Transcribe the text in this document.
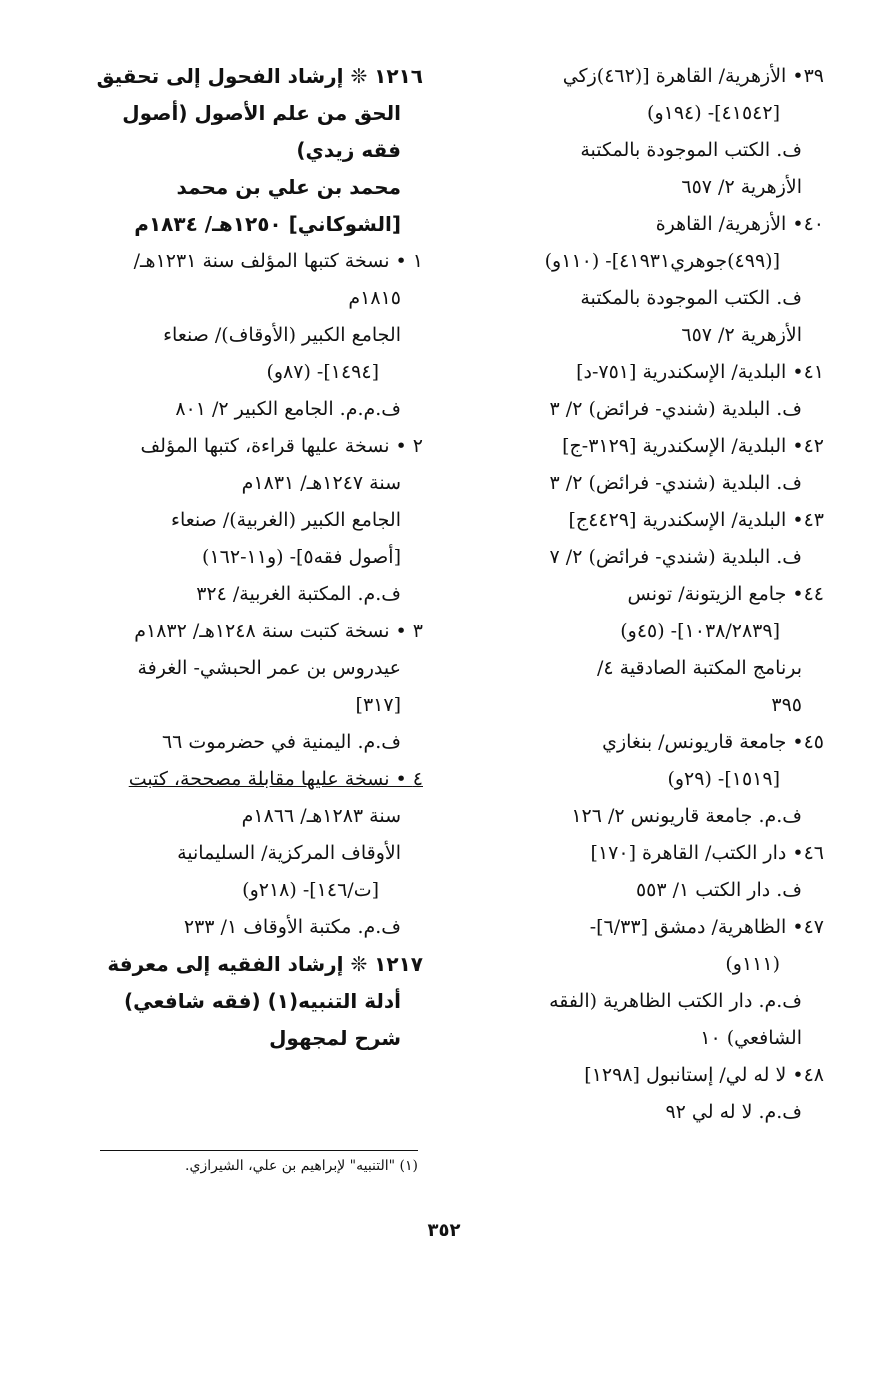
٣٩• الأزهرية/ القاهرة [(٤٦٢)زكي
[٤١٥٤٢]- (١٩٤و)
ف. الكتب الموجودة بالمكتبة
الأزهرية ٢/ ٦٥٧
٤٠• الأزهرية/ القاهرة
[(٤٩٩)جوهري٤١٩٣١]- (١١٠و)
ف. الكتب الموجودة بالمكتبة
الأزهرية ٢/ ٦٥٧
٤١• البلدية/ الإسكندرية [٧٥١-د]
ف. البلدية (شندي- فرائض) ٢/ ٣
٤٢• البلدية/ الإسكندرية [٣١٢٩-ج]
ف. البلدية (شندي- فرائض) ٢/ ٣
٤٣• البلدية/ الإسكندرية [٤٤٢٩ج]
ف. البلدية (شندي- فرائض) ٢/ ٧
٤٤• جامع الزيتونة/ تونس
[١٠٣٨/٢٨٣٩]- (٤٥و)
برنامج المكتبة الصادقية ٤/
٣٩٥
٤٥• جامعة قاريونس/ بنغازي
[١٥١٩]- (٢٩و)
ف.م. جامعة قاريونس ٢/ ١٢٦
٤٦• دار الكتب/ القاهرة [١٧٠]
ف. دار الكتب ١/ ٥٥٣
٤٧• الظاهرية/ دمشق [٦/٣٣]-
(١١١و)
ف.م. دار الكتب الظاهرية (الفقه
الشافعي) ١٠
٤٨• لا له لي/ إستانبول [١٢٩٨]
ف.م. لا له لي ٩٢
١٢١٦ ❊ إرشاد الفحول إلى تحقيق
الحق من علم الأصول (أصول
فقه زيدي)
محمد بن علي بن محمد
[الشوكاني] ١٢٥٠هـ/ ١٨٣٤م
١ • نسخة كتبها المؤلف سنة ١٢٣١هـ/
١٨١٥م
الجامع الكبير (الأوقاف)/ صنعاء
[١٤٩٤]- (٨٧و)
ف.م.م. الجامع الكبير ٢/ ٨٠١
٢ • نسخة عليها قراءة، كتبها المؤلف
سنة ١٢٤٧هـ/ ١٨٣١م
الجامع الكبير (الغربية)/ صنعاء
[أصول فقه٥]- (و١١-١٦٢)
ف.م. المكتبة الغربية/ ٣٢٤
٣ • نسخة كتبت سنة ١٢٤٨هـ/ ١٨٣٢م
عيدروس بن عمر الحبشي- الغرفة
[٣١٧]
ف.م. اليمنية في حضرموت ٦٦
٤ • نسخة عليها مقابلة مصححة، كتبت
سنة ١٢٨٣هـ/ ١٨٦٦م
الأوقاف المركزية/ السليمانية
[ت/١٤٦]- (٢١٨و)
ف.م. مكتبة الأوقاف ١/ ٢٣٣
١٢١٧ ❊ إرشاد الفقيه إلى معرفة
أدلة التنبيه(١) (فقه شافعي)
شرح لمجهول
(١) "التنبيه" لإبراهيم بن علي، الشيرازي.
٣٥٢
